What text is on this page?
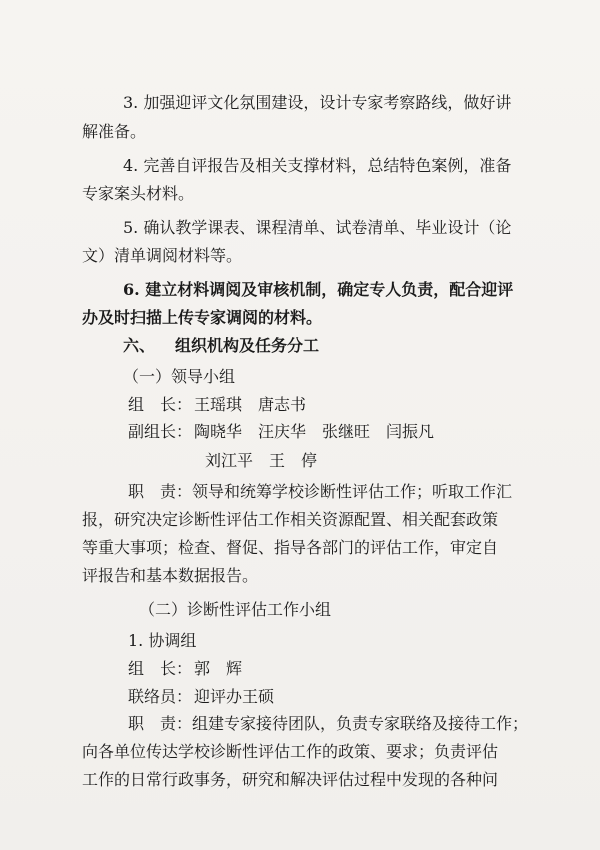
3. 加强迎评文化氛围建设，设计专家考察路线，做好讲
解准备。
4. 完善自评报告及相关支撑材料，总结特色案例，准备
专家案头材料。
5. 确认教学课表、课程清单、试卷清单、毕业设计（论
文）清单调阅材料等。
6. 建立材料调阅及审核机制，确定专人负责，配合迎评
办及时扫描上传专家调阅的材料。
六、 组织机构及任务分工
（一）领导小组
组　长： 王瑶琪　唐志书
副组长： 陶晓华　汪庆华　张继旺　闫振凡
刘江平　王　停
职　责：领导和统筹学校诊断性评估工作；听取工作汇
报，研究决定诊断性评估工作相关资源配置、相关配套政策
等重大事项；检查、督促、指导各部门的评估工作，审定自
评报告和基本数据报告。
（二）诊断性评估工作小组
1. 协调组
组　长： 郭　辉
联络员： 迎评办王硕
职　责：组建专家接待团队，负责专家联络及接待工作；
向各单位传达学校诊断性评估工作的政策、要求；负责评估
工作的日常行政事务，研究和解决评估过程中发现的各种问
